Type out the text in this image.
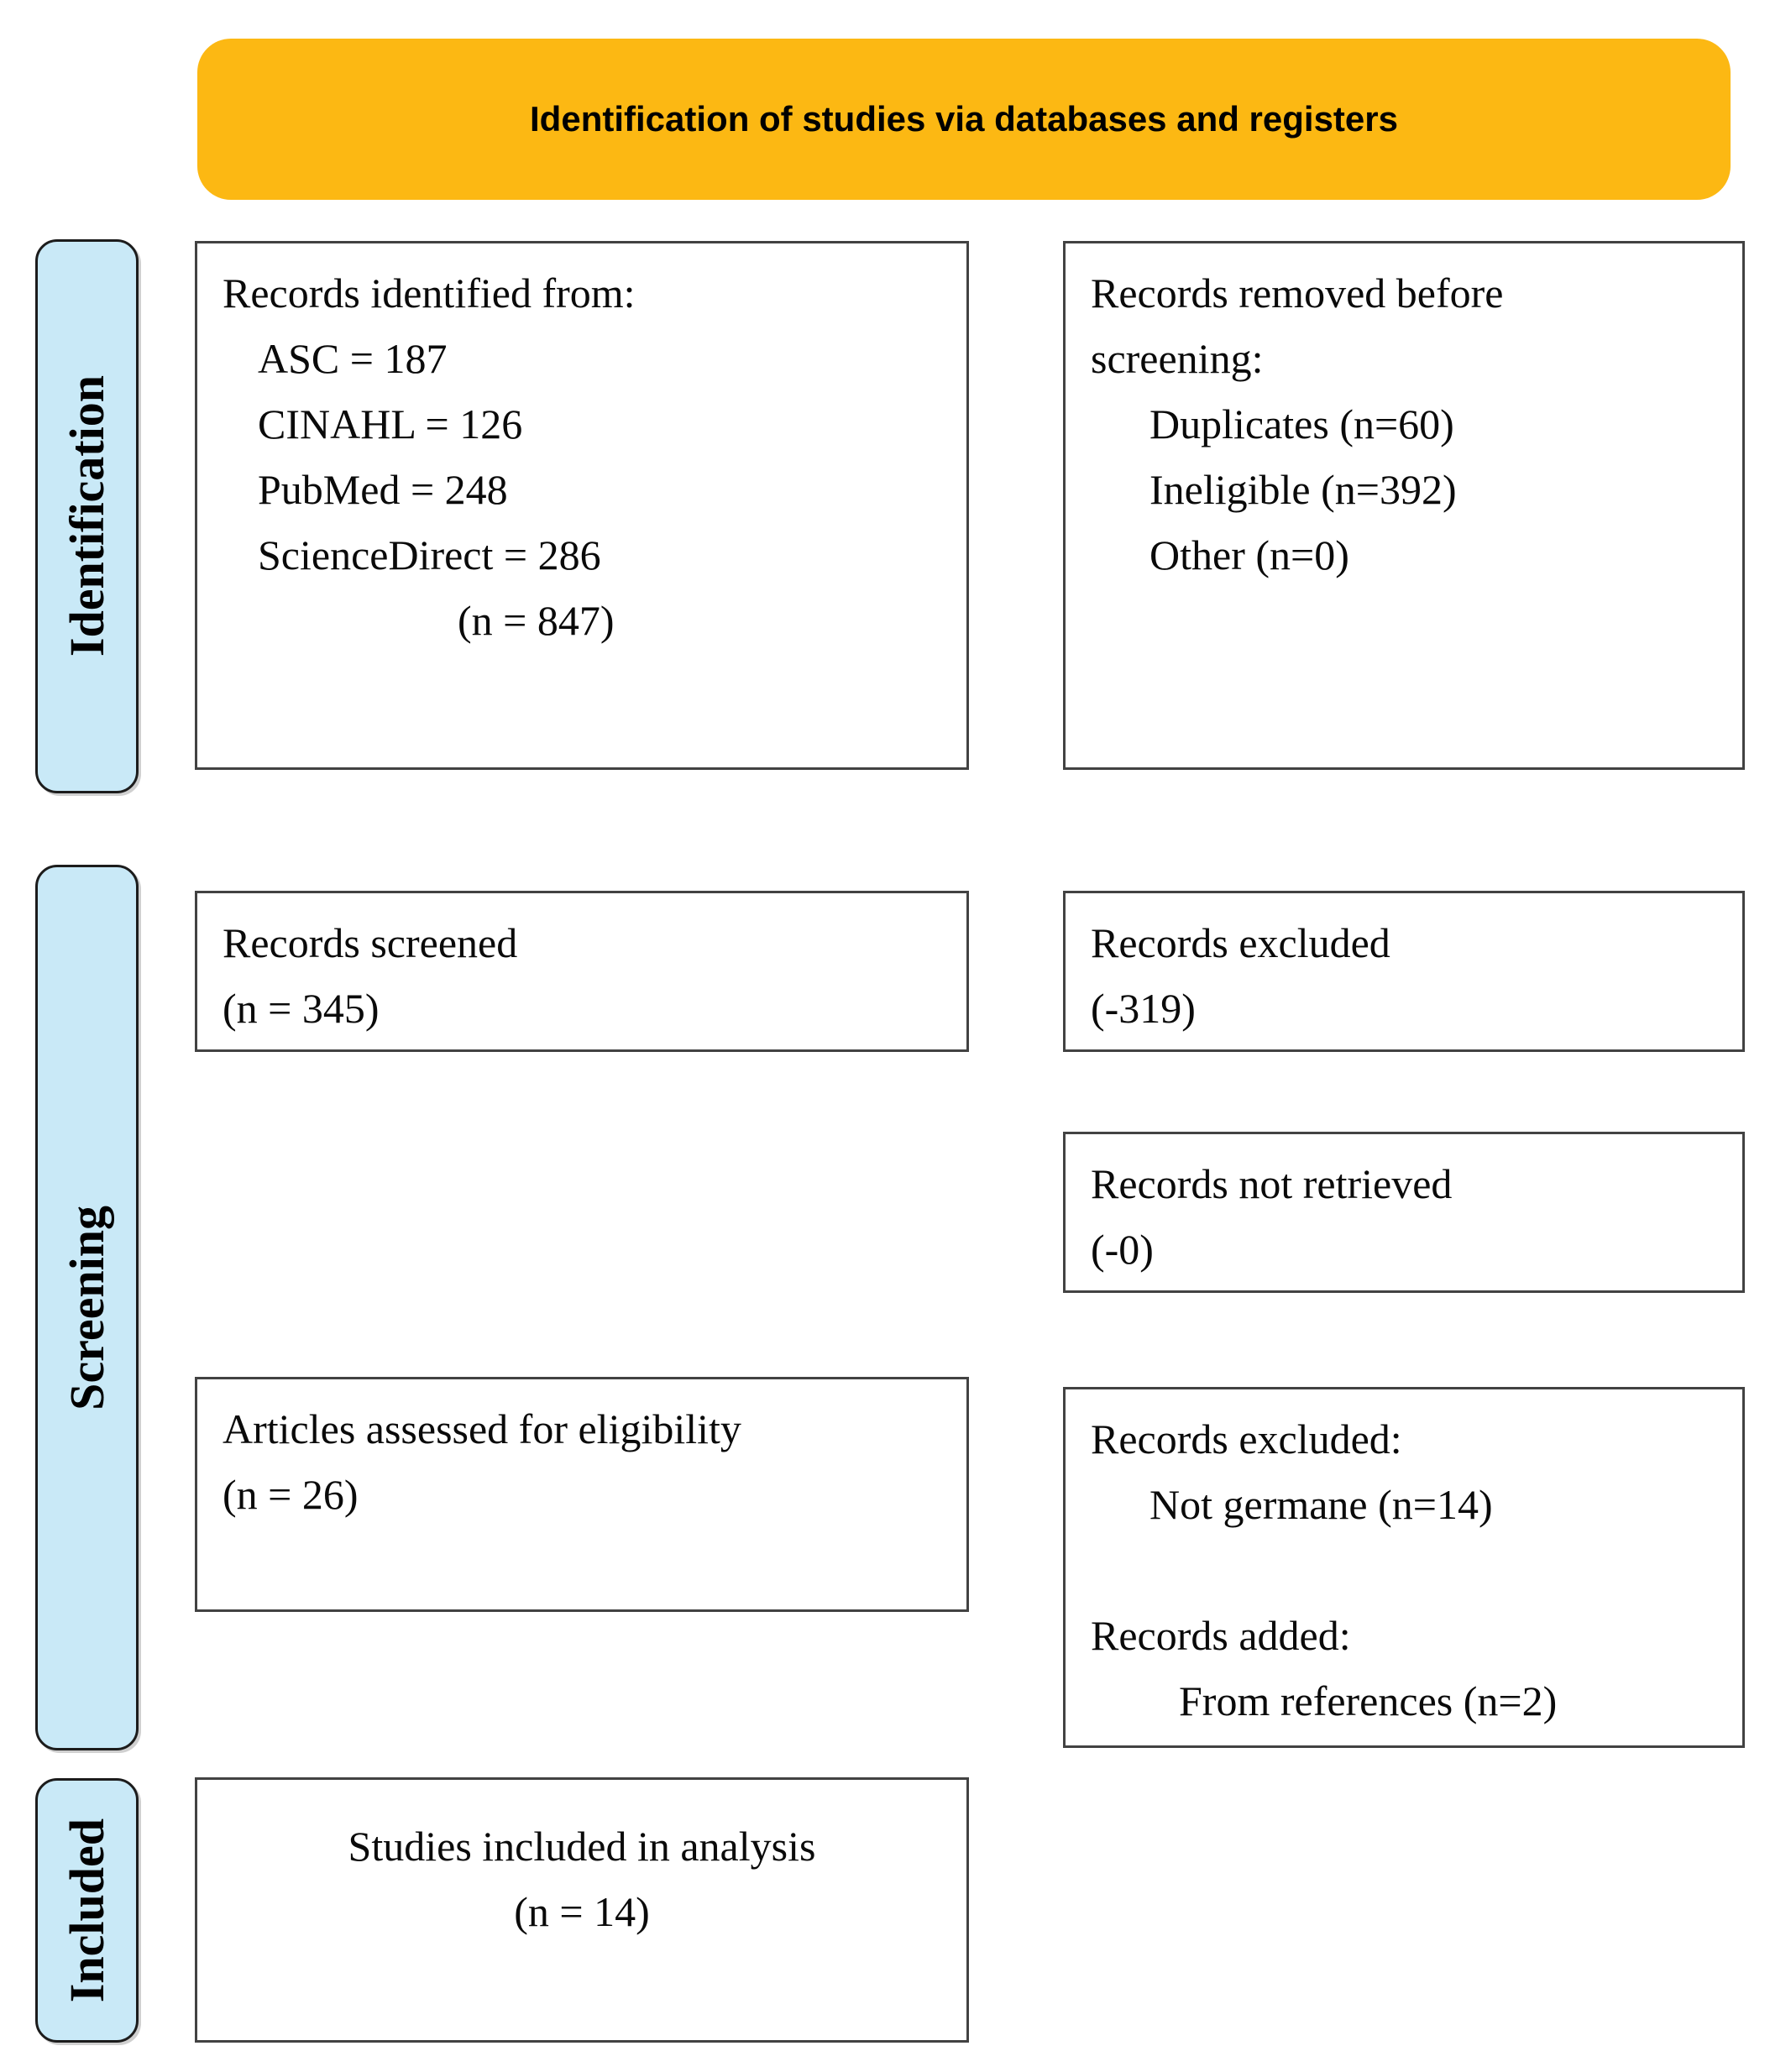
Identification of studies via databases and registers
Identification
Screening
Included
Records identified from:
ASC = 187
CINAHL = 126
PubMed = 248
ScienceDirect = 286
(n = 847)
Records removed before
screening:
Duplicates (n=60)
Ineligible (n=392)
Other (n=0)
Records screened
(n = 345)
Records excluded
(-319)
Records not retrieved
(-0)
Articles assessed for eligibility
(n = 26)
Records excluded:
Not germane (n=14)
Records added:
From references (n=2)
Studies included in analysis
(n = 14)
